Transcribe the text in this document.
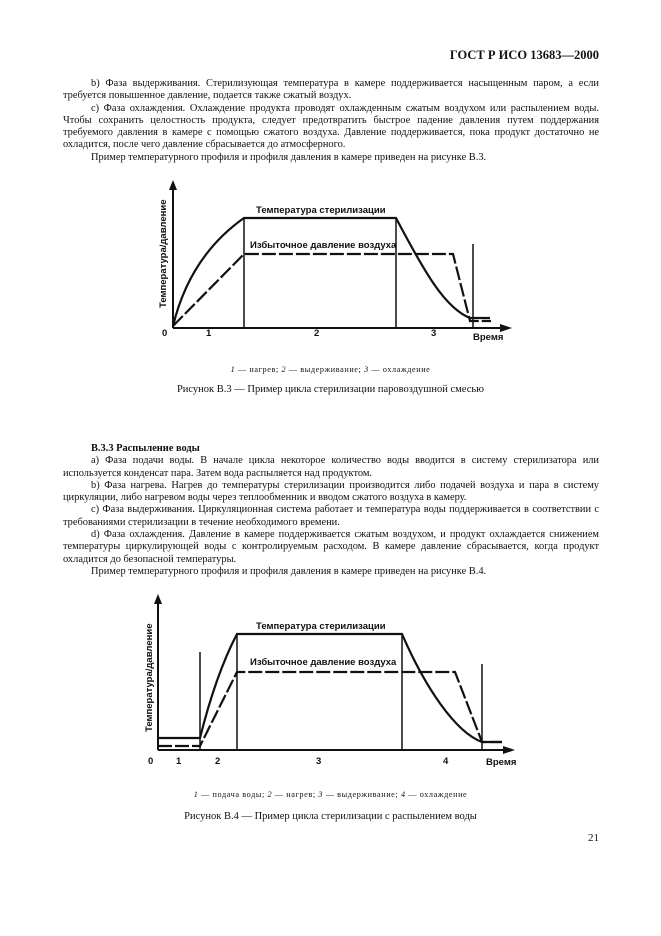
ГОСТ Р ИСО 13683—2000

b) Фаза выдерживания. Стерилизующая температура в камере поддерживается насыщенным паром, а если требуется повышенное давление, подается также сжатый воздух.

c) Фаза охлаждения. Охлаждение продукта проводят охлажденным сжатым воздухом или распылением воды. Чтобы сохранить целостность продукта, следует предотвратить быстрое падение давления путем поддержания требуемого давления в камере с помощью сжатого воздуха. Давление поддерживается, пока продукт достаточно не охладится, после чего давление сбрасывается до атмосферного.

Пример температурного профиля и профиля давления в камере приведен на рисунке В.3.

Температура стерилизации
Избыточное давление воздуха
Температура/давление
0	1	2	3	Время
1 — нагрев; 2 — выдерживание; 3 — охлаждение
Рисунок В.3 — Пример цикла стерилизации паровоздушной смесью

В.3.3 Распыление воды

а) Фаза подачи воды. В начале цикла некоторое количество воды вводится в систему стерилизатора или используется конденсат пара. Затем вода распыляется над продуктом.

b) Фаза нагрева. Нагрев до температуры стерилизации производится либо подачей воздуха и пара в систему циркуляции, либо нагревом воды через теплообменник и вводом сжатого воздуха в камеру.

c) Фаза выдерживания. Циркуляционная система работает и температура воды поддерживается в соответствии с требованиями стерилизации в течение необходимого времени.

d) Фаза охлаждения. Давление в камере поддерживается сжатым воздухом, и продукт охлаждается снижением температуры циркулирующей воды с контролируемым расходом. В камере давление сбрасывается, когда продукт охладится до безопасной температуры.

Пример температурного профиля и профиля давления в камере приведен на рисунке В.4.

Температура стерилизации
Избыточное давление воздуха
Температура/давление
0 1	2	3	4	Время
1 — подача воды; 2 — нагрев; 3 — выдерживание; 4 — охлаждение
Рисунок В.4 — Пример цикла стерилизации с распылением воды
21
